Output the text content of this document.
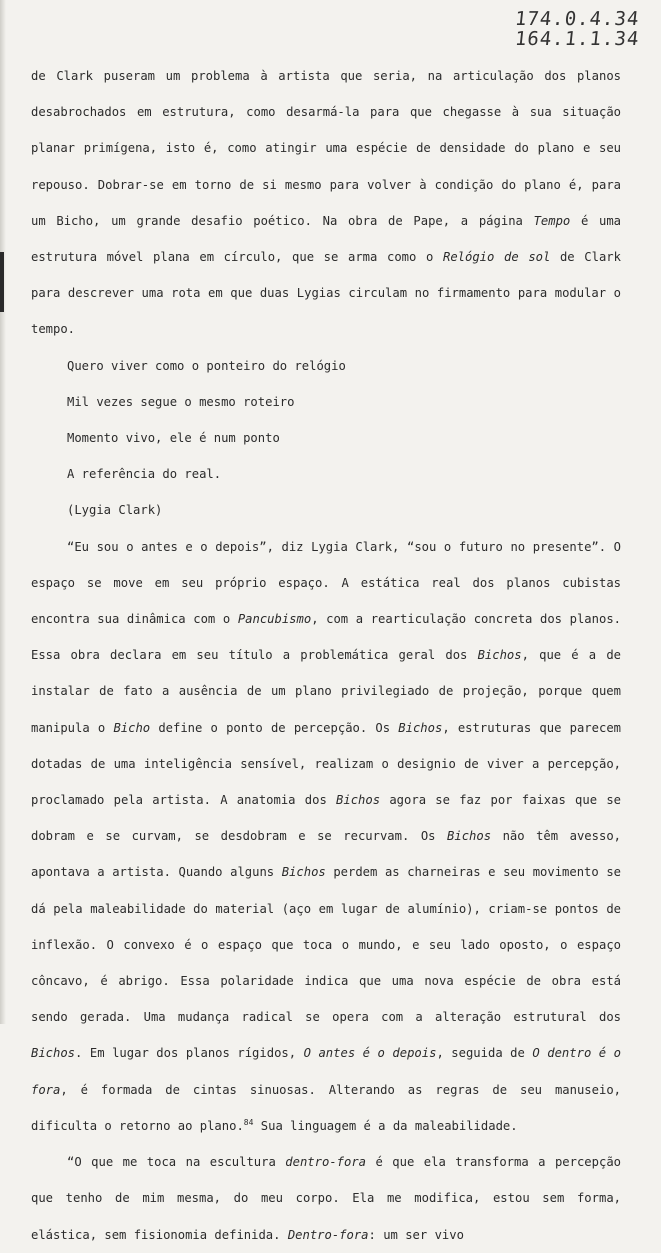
174.0.4.34
164.1.1.34

de Clark puseram um problema à artista que seria, na articulação dos planos desabrochados em estrutura, como desarmá-la para que chegasse à sua situação planar primígena, isto é, como atingir uma espécie de densidade do plano e seu repouso. Dobrar-se em torno de si mesmo para volver à condição do plano é, para um Bicho, um grande desafio poético. Na obra de Pape, a página Tempo é uma estrutura móvel plana em círculo, que se arma como o Relógio de sol de Clark para descrever uma rota em que duas Lygias circulam no firmamento para modular o tempo.

Quero viver como o ponteiro do relógio

Mil vezes segue o mesmo roteiro

Momento vivo, ele é num ponto

A referência do real.

(Lygia Clark)

“Eu sou o antes e o depois”, diz Lygia Clark, “sou o futuro no presente”. O espaço se move em seu próprio espaço. A estática real dos planos cubistas encontra sua dinâmica com o Pancubismo, com a rearticulação concreta dos planos. Essa obra declara em seu título a problemática geral dos Bichos, que é a de instalar de fato a ausência de um plano privilegiado de projeção, porque quem manipula o Bicho define o ponto de percepção. Os Bichos, estruturas que parecem dotadas de uma inteligência sensível, realizam o designio de viver a percepção, proclamado pela artista. A anatomia dos Bichos agora se faz por faixas que se dobram e se curvam, se desdobram e se recurvam. Os Bichos não têm avesso, apontava a artista. Quando alguns Bichos perdem as charneiras e seu movimento se dá pela maleabilidade do material (aço em lugar de alumínio), criam-se pontos de inflexão. O convexo é o espaço que toca o mundo, e seu lado oposto, o espaço côncavo, é abrigo. Essa polaridade indica que uma nova espécie de obra está sendo gerada. Uma mudança radical se opera com a alteração estrutural dos Bichos. Em lugar dos planos rígidos, O antes é o depois, seguida de O dentro é o fora, é formada de cintas sinuosas. Alterando as regras de seu manuseio, dificulta o retorno ao plano.$^{84}$ Sua linguagem é a da maleabilidade.

“O que me toca na escultura dentro-fora é que ela transforma a percepção que tenho de mim mesma, do meu corpo. Ela me modifica, estou sem forma, elástica, sem fisionomia definida. Dentro-fora: um ser vivo
